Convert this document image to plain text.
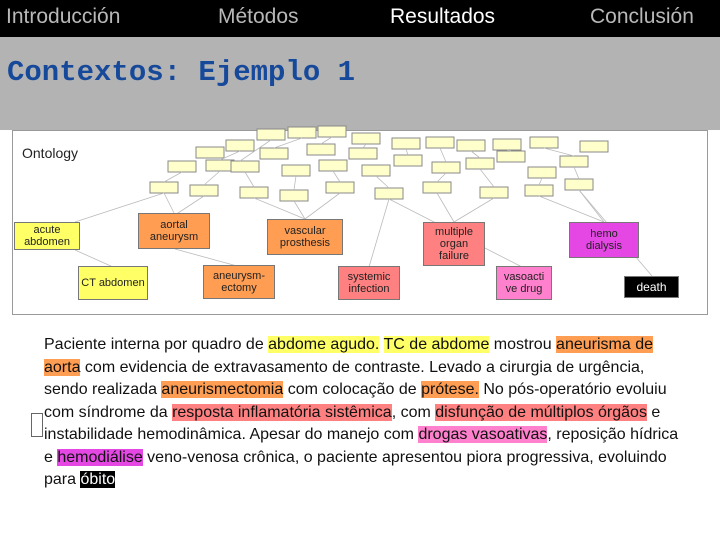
Introducción	Métodos	Resultados	Conclusión
Contextos: Ejemplo 1
Ontology
acute abdomen
aortal aneurysm	vascular prosthesis
multiple organ failure
hemo dialysis
CT abdomen
aneurysm- ectomy
systemic infection
vasoacti ve drug	death

Paciente interna por quadro de abdome agudo. TC de abdome mostrou aneurisma de aorta com evidencia de extravasamento de contraste. Levado a cirurgia de urgência, sendo realizada aneurismectomia com colocação de prótese. No pós-operatório evoluiu com síndrome da resposta inflamatória sistêmica, com disfunção de múltiplos órgãos e instabilidade hemodinâmica. Apesar do manejo com drogas vasoativas, reposição hídrica e hemodiálise veno-venosa crônica, o paciente apresentou piora progressiva, evoluindo para óbito
